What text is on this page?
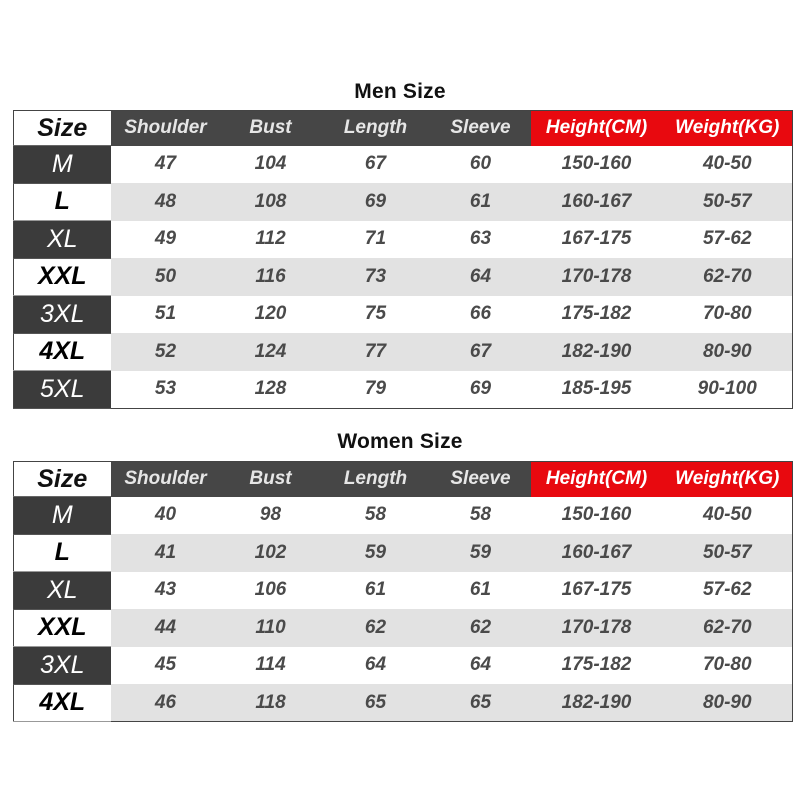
Men Size
Size	Shoulder	Bust	Length	Sleeve	Height(CM)	Weight(KG)
M	47	104	67	60	150-160	40-50
L	48	108	69	61	160-167	50-57
XL	49	112	71	63	167-175	57-62
XXL	50	116	73	64	170-178	62-70
3XL	51	120	75	66	175-182	70-80
4XL	52	124	77	67	182-190	80-90
5XL	53	128	79	69	185-195	90-100
Women Size
Size	Shoulder	Bust	Length	Sleeve	Height(CM)	Weight(KG)
M	40	98	58	58	150-160	40-50
L	41	102	59	59	160-167	50-57
XL	43	106	61	61	167-175	57-62
XXL	44	110	62	62	170-178	62-70
3XL	45	114	64	64	175-182	70-80
4XL	46	118	65	65	182-190	80-90
